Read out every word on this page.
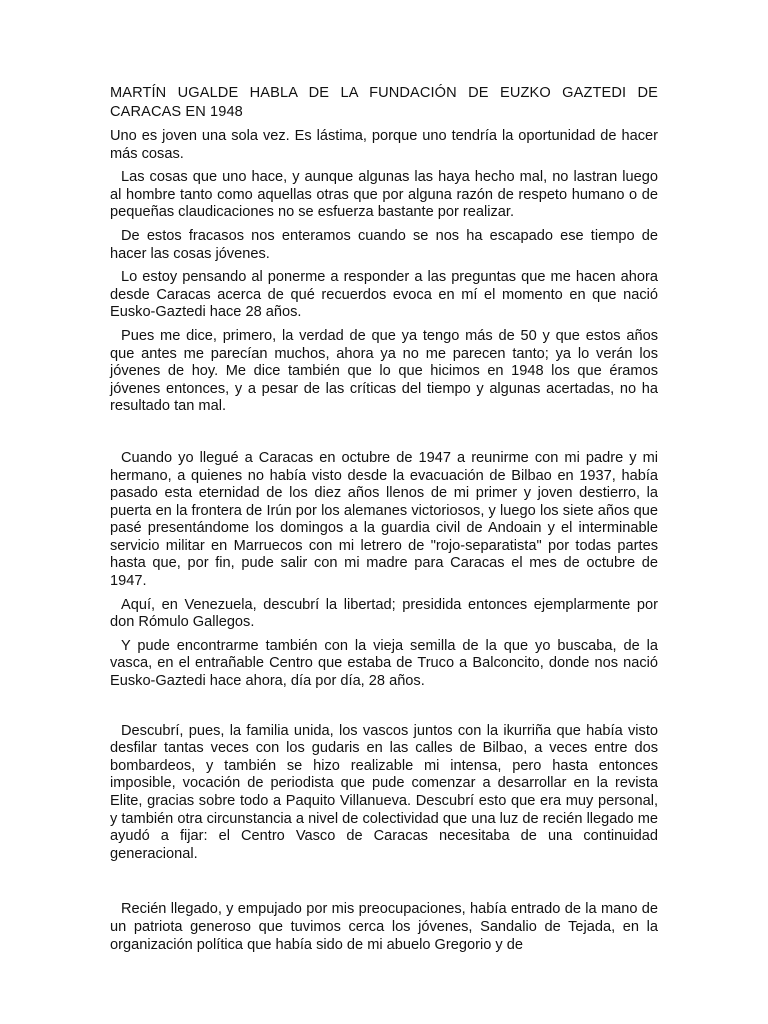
MARTÍN UGALDE HABLA DE LA FUNDACIÓN DE EUZKO GAZTEDI DE CARACAS EN 1948

Uno es joven una sola vez. Es lástima, porque uno tendría la oportunidad de hacer más cosas.

Las cosas que uno hace, y aunque algunas las haya hecho mal, no lastran luego al hombre tanto como aquellas otras que por alguna razón de respeto humano o de pequeñas claudicaciones no se esfuerza bastante por realizar.

De estos fracasos nos enteramos cuando se nos ha escapado ese tiempo de hacer las cosas jóvenes.

Lo estoy pensando al ponerme a responder a las preguntas que me hacen ahora desde Caracas acerca de qué recuerdos evoca en mí el momento en que nació Eusko-Gaztedi hace 28 años.

Pues me dice, primero, la verdad de que ya tengo más de 50 y que estos años que antes me parecían muchos, ahora ya no me parecen tanto; ya lo verán los jóvenes de hoy. Me dice también que lo que hicimos en 1948 los que éramos jóvenes entonces, y a pesar de las críticas del tiempo y algunas acertadas, no ha resultado tan mal.

Cuando yo llegué a Caracas en octubre de 1947 a reunirme con mi padre y mi hermano, a quienes no había visto desde la evacuación de Bilbao en 1937, había pasado esta eternidad de los diez años llenos de mi primer y joven destierro, la puerta en la frontera de Irún por los alemanes victoriosos, y luego los siete años que pasé presentándome los domingos a la guardia civil de Andoain y el interminable servicio militar en Marruecos con mi letrero de "rojo-separatista" por todas partes hasta que, por fin, pude salir con mi madre para Caracas el mes de octubre de 1947.

Aquí, en Venezuela, descubrí la libertad; presidida entonces ejemplarmente por don Rómulo Gallegos.

Y pude encontrarme también con la vieja semilla de la que yo buscaba, de la vasca, en el entrañable Centro que estaba de Truco a Balconcito, donde nos nació Eusko-Gaztedi hace ahora, día por día, 28 años.

Descubrí, pues, la familia unida, los vascos juntos con la ikurriña que había visto desfilar tantas veces con los gudaris en las calles de Bilbao, a veces entre dos bombardeos, y también se hizo realizable mi intensa, pero hasta entonces imposible, vocación de periodista que pude comenzar a desarrollar en la revista Elite, gracias sobre todo a Paquito Villanueva. Descubrí esto que era muy personal, y también otra circunstancia a nivel de colectividad que una luz de recién llegado me ayudó a fijar: el Centro Vasco de Caracas necesitaba de una continuidad generacional.

Recién llegado, y empujado por mis preocupaciones, había entrado de la mano de un patriota generoso que tuvimos cerca los jóvenes, Sandalio de Tejada, en la organización política que había sido de mi abuelo Gregorio y de
